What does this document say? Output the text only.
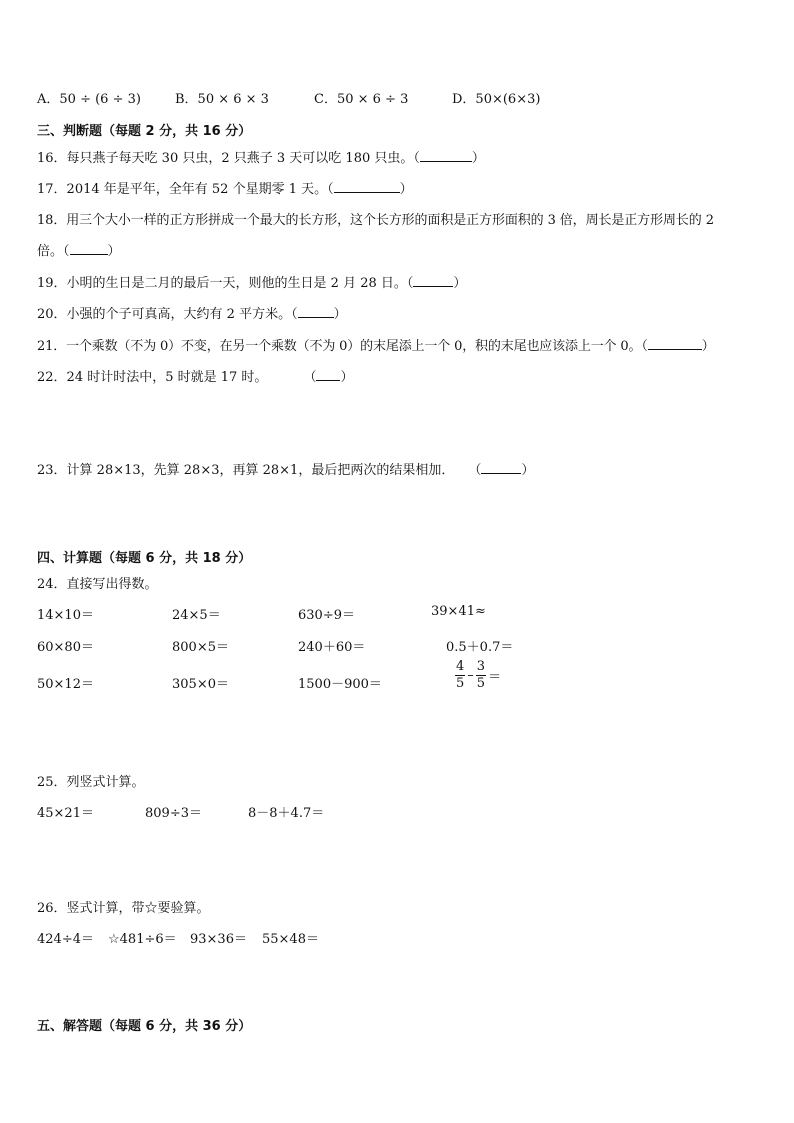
A．50 ÷ (6 ÷ 3)	B．50 × 6 × 3	C．50 × 6 ÷ 3	D．50×(6×3)
三、判断题（每题 2 分，共 16 分）
16．每只燕子每天吃 30 只虫，2 只燕子 3 天可以吃 180 只虫。（	）
17．2014 年是平年，全年有 52 个星期零 1 天。（	）
18．用三个大小一样的正方形拼成一个最大的长方形，这个长方形的面积是正方形面积的 3 倍，周长是正方形周长的 2
倍。（	）
19．小明的生日是二月的最后一天，则他的生日是 2 月 28 日。（	）
20．小强的个子可真高，大约有 2 平方米。（	）
21．一个乘数（不为 0）不变，在另一个乘数（不为 0）的末尾添上一个 0，积的末尾也应该添上一个 0。（	）
22．24 时计时法中，5 时就是 17 时。	（ ）
23．计算 28×13，先算 28×3，再算 28×1，最后把两次的结果相加． （	）
四、计算题（每题 6 分，共 18 分）
24．直接写出得数。
14×10＝	24×5＝	630÷9＝	39×41≈
60×80＝	800×5＝	240＋60＝	0.5＋0.7＝
50×12＝	305×0＝	1500－900＝	$\frac{4}{5} - \frac{3}{5}$ ＝
25．列竖式计算。
45×21＝	809÷3＝	8－8＋4.7＝
26．竖式计算，带☆要验算。
424÷4＝ ☆481÷6＝ 93×36＝ 55×48＝
五、解答题（每题 6 分，共 36 分）
